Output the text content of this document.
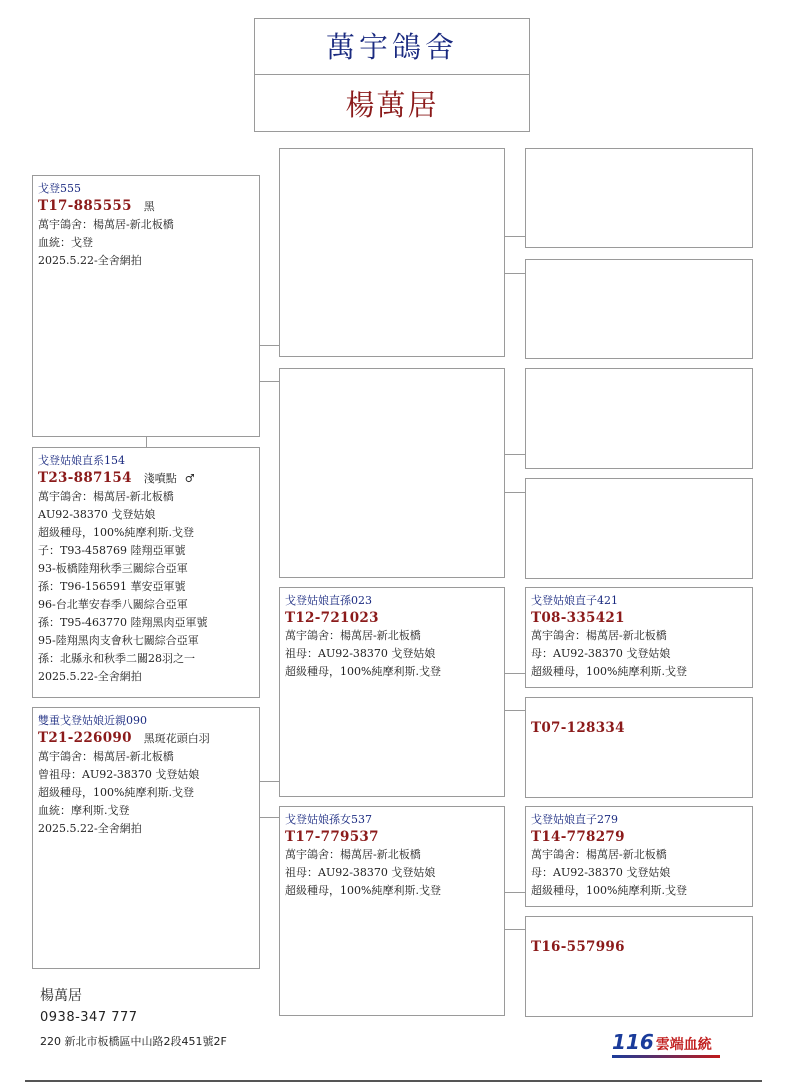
萬宇鴿舍
楊萬居
戈登555
T17-885555 黑
萬宇鴿舍：楊萬居-新北板橋
血統：戈登
2025.5.22-全舍網拍
戈登姑娘直系154
T23-887154 淺噴點 ♂
萬宇鴿舍：楊萬居-新北板橋
AU92-38370 戈登姑娘
超級種母，100%純摩利斯.戈登
子：T93-458769 陸翔亞軍號
93-板橋陸翔秋季三關綜合亞軍
孫：T96-156591 華安亞軍號
96-台北華安春季八關綜合亞軍
孫：T95-463770 陸翔黑肉亞軍號
95-陸翔黑肉支會秋七關綜合亞軍
孫：北縣永和秋季二關28羽之一
2025.5.22-全舍網拍
雙重戈登姑娘近親090
T21-226090 黑斑花頭白羽
萬宇鴿舍：楊萬居-新北板橋
曾祖母：AU92-38370 戈登姑娘
超級種母，100%純摩利斯.戈登
血統：摩利斯.戈登
2025.5.22-全舍網拍
戈登姑娘直孫023
T12-721023
萬宇鴿舍：楊萬居-新北板橋
祖母：AU92-38370 戈登姑娘
超級種母，100%純摩利斯.戈登
戈登姑娘孫女537
T17-779537
萬宇鴿舍：楊萬居-新北板橋
祖母：AU92-38370 戈登姑娘
超級種母，100%純摩利斯.戈登
戈登姑娘直子421
T08-335421
萬宇鴿舍：楊萬居-新北板橋
母：AU92-38370 戈登姑娘
超級種母，100%純摩利斯.戈登
T07-128334
戈登姑娘直子279
T14-778279
萬宇鴿舍：楊萬居-新北板橋
母：AU92-38370 戈登姑娘
超級種母，100%純摩利斯.戈登
T16-557996
楊萬居
0938-347 777
220 新北市板橋區中山路2段451號2F	116 雲端血統
